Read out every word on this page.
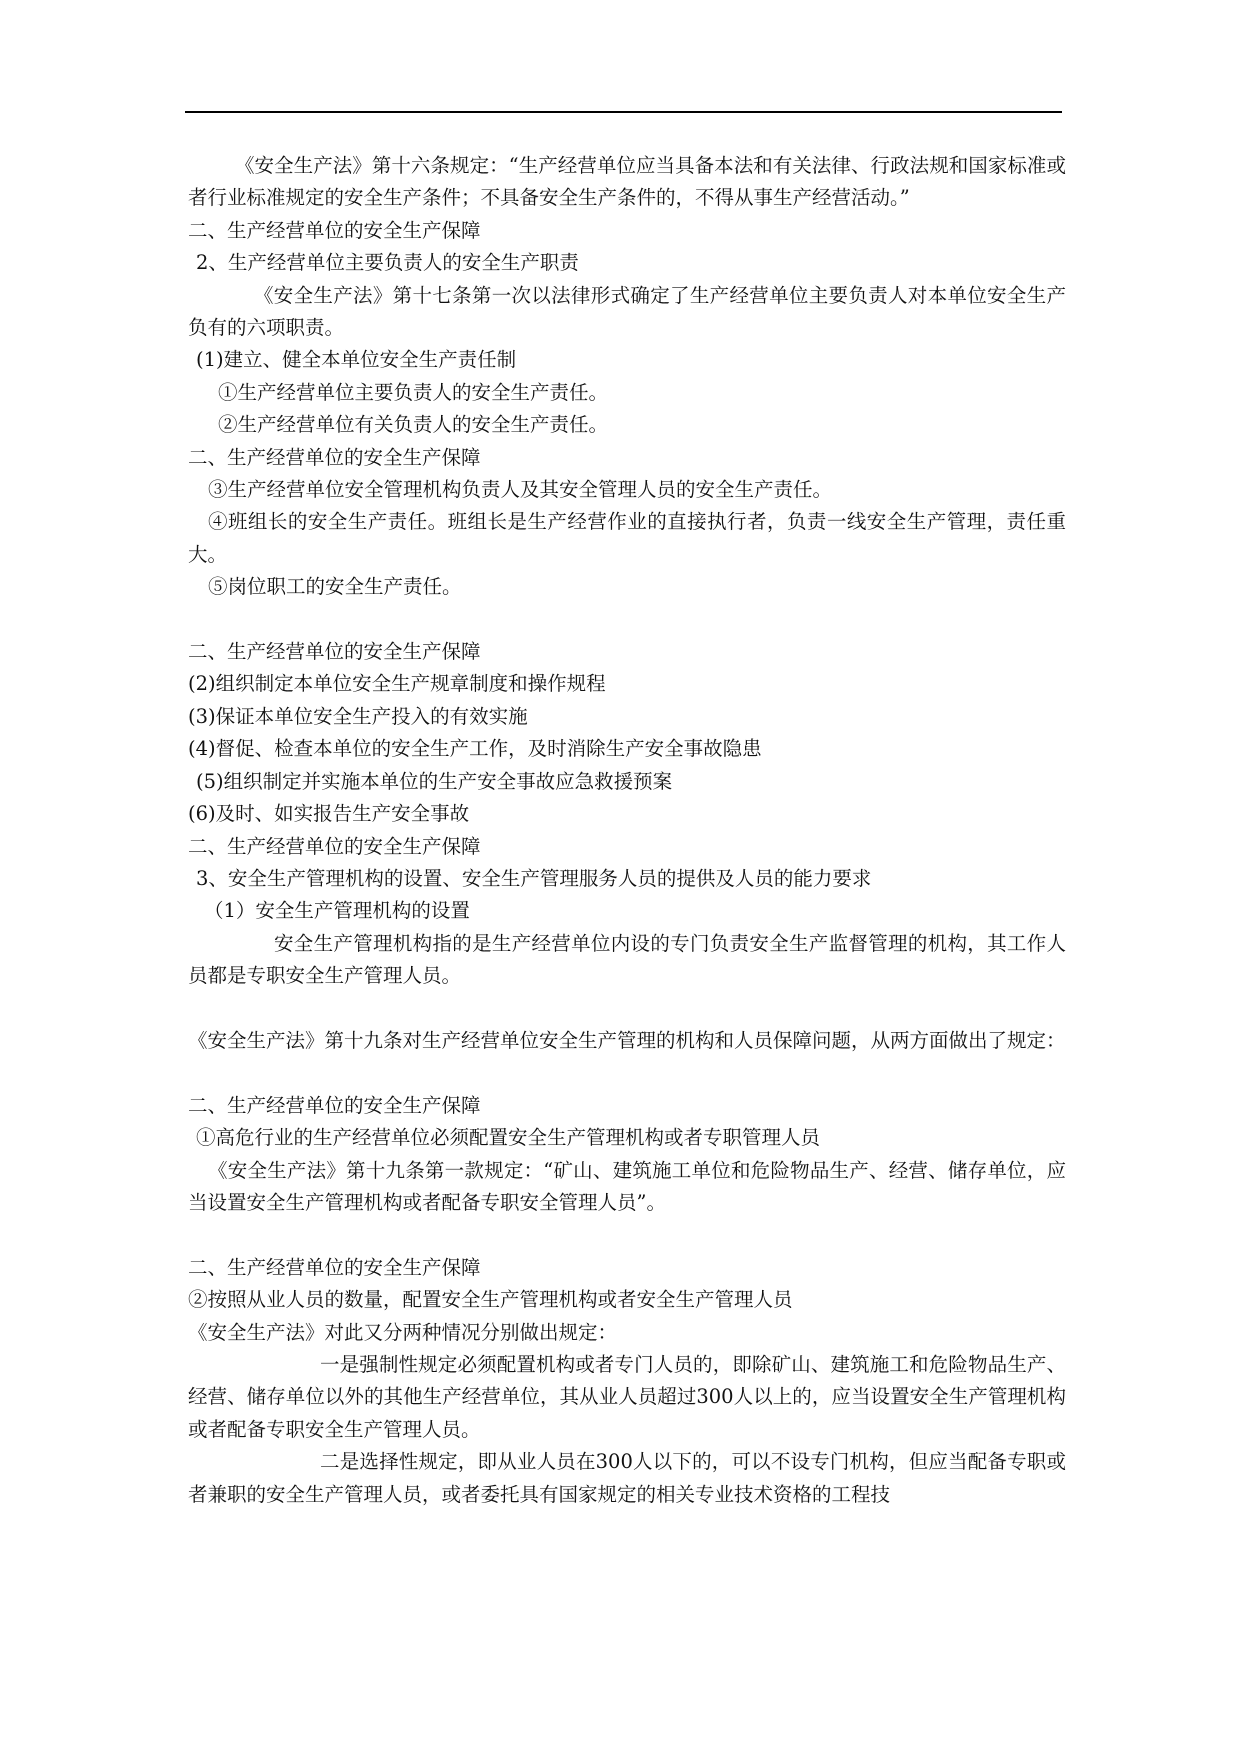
《安全生产法》第十六条规定：“生产经营单位应当具备本法和有关法律、行政法规和国家标准或者行业标准规定的安全生产条件；不具备安全生产条件的，不得从事生产经营活动。”

二、生产经营单位的安全生产保障

2、生产经营单位主要负责人的安全生产职责

《安全生产法》第十七条第一次以法律形式确定了生产经营单位主要负责人对本单位安全生产负有的六项职责。

(1)建立、健全本单位安全生产责任制

①生产经营单位主要负责人的安全生产责任。

②生产经营单位有关负责人的安全生产责任。

二、生产经营单位的安全生产保障

③生产经营单位安全管理机构负责人及其安全管理人员的安全生产责任。

④班组长的安全生产责任。班组长是生产经营作业的直接执行者，负责一线安全生产管理，责任重大。

⑤岗位职工的安全生产责任。

二、生产经营单位的安全生产保障

(2)组织制定本单位安全生产规章制度和操作规程

(3)保证本单位安全生产投入的有效实施

(4)督促、检查本单位的安全生产工作，及时消除生产安全事故隐患

(5)组织制定并实施本单位的生产安全事故应急救援预案

(6)及时、如实报告生产安全事故

二、生产经营单位的安全生产保障

3、安全生产管理机构的设置、安全生产管理服务人员的提供及人员的能力要求

（1）安全生产管理机构的设置

安全生产管理机构指的是生产经营单位内设的专门负责安全生产监督管理的机构，其工作人员都是专职安全生产管理人员。

《安全生产法》第十九条对生产经营单位安全生产管理的机构和人员保障问题，从两方面做出了规定：

二、生产经营单位的安全生产保障

①高危行业的生产经营单位必须配置安全生产管理机构或者专职管理人员

《安全生产法》第十九条第一款规定：“矿山、建筑施工单位和危险物品生产、经营、储存单位，应当设置安全生产管理机构或者配备专职安全管理人员”。

二、生产经营单位的安全生产保障

②按照从业人员的数量，配置安全生产管理机构或者安全生产管理人员

《安全生产法》对此又分两种情况分别做出规定：

一是强制性规定必须配置机构或者专门人员的，即除矿山、建筑施工和危险物品生产、经营、储存单位以外的其他生产经营单位，其从业人员超过300人以上的，应当设置安全生产管理机构或者配备专职安全生产管理人员。

二是选择性规定，即从业人员在300人以下的，可以不设专门机构，但应当配备专职或者兼职的安全生产管理人员，或者委托具有国家规定的相关专业技术资格的工程技
